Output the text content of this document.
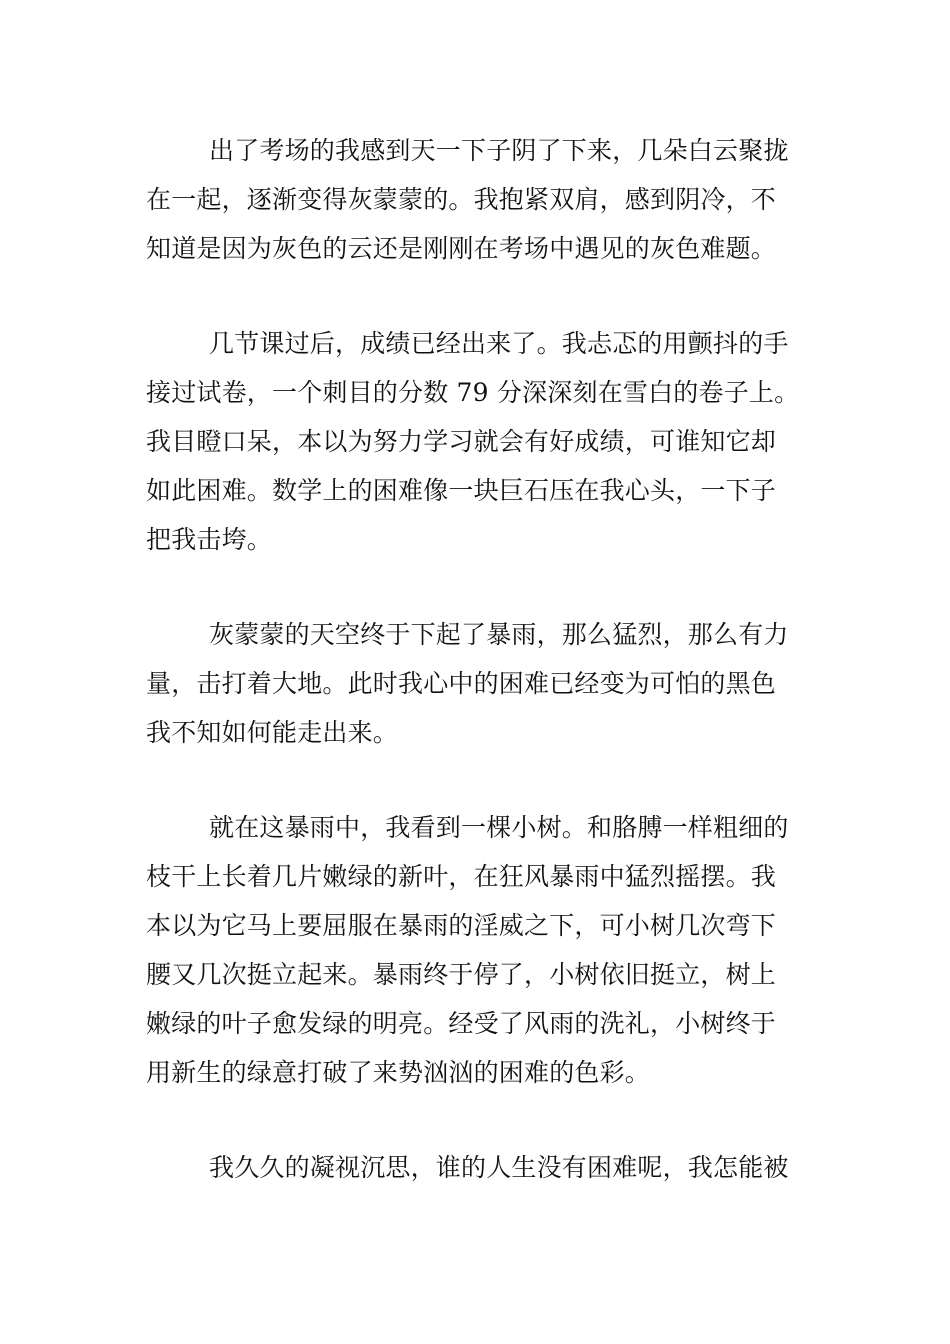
出了考场的我感到天一下子阴了下来，几朵白云聚拢
在一起，逐渐变得灰蒙蒙的。我抱紧双肩，感到阴冷，不
知道是因为灰色的云还是刚刚在考场中遇见的灰色难题。

几节课过后，成绩已经出来了。我忐忑的用颤抖的手
接过试卷，一个刺目的分数 79 分深深刻在雪白的卷子上。
我目瞪口呆，本以为努力学习就会有好成绩，可谁知它却
如此困难。数学上的困难像一块巨石压在我心头，一下子
把我击垮。

灰蒙蒙的天空终于下起了暴雨，那么猛烈，那么有力
量，击打着大地。此时我心中的困难已经变为可怕的黑色
我不知如何能走出来。

就在这暴雨中，我看到一棵小树。和胳膊一样粗细的
枝干上长着几片嫩绿的新叶，在狂风暴雨中猛烈摇摆。我
本以为它马上要屈服在暴雨的淫威之下，可小树几次弯下
腰又几次挺立起来。暴雨终于停了，小树依旧挺立，树上
嫩绿的叶子愈发绿的明亮。经受了风雨的洗礼，小树终于
用新生的绿意打破了来势汹汹的困难的色彩。

我久久的凝视沉思，谁的人生没有困难呢，我怎能被
